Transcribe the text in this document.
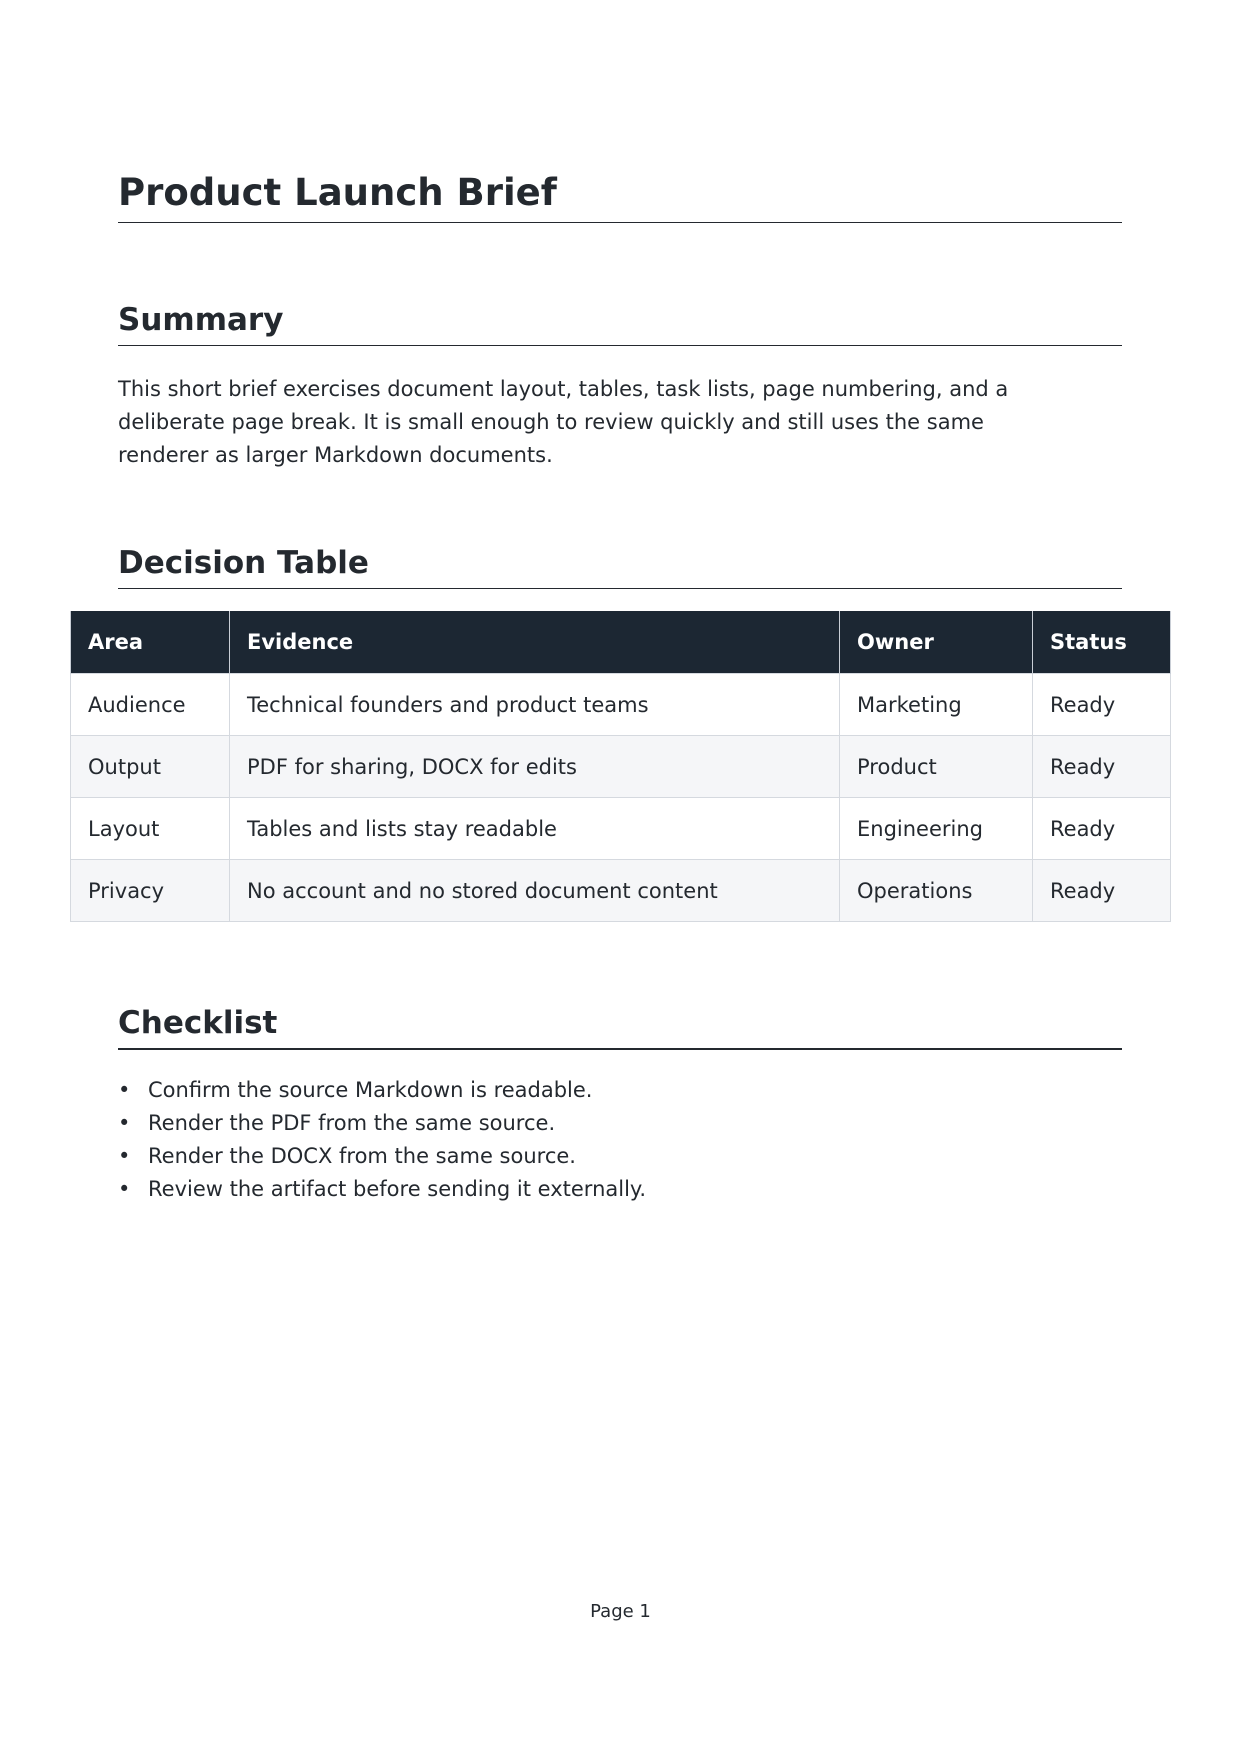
Product Launch Brief
Summary

This short brief exercises document layout, tables, task lists, page numbering, and a deliberate page break. It is small enough to review quickly and still uses the same renderer as larger Markdown documents.

Decision Table
Area	Evidence	Owner	Status
Audience	Technical founders and product teams	Marketing	Ready
Output	PDF for sharing, DOCX for edits	Product	Ready
Layout	Tables and lists stay readable	Engineering	Ready
Privacy	No account and no stored document content	Operations	Ready
Checklist
• Confirm the source Markdown is readable.
• Render the PDF from the same source.
• Render the DOCX from the same source.
• Review the artifact before sending it externally.
Page 1
